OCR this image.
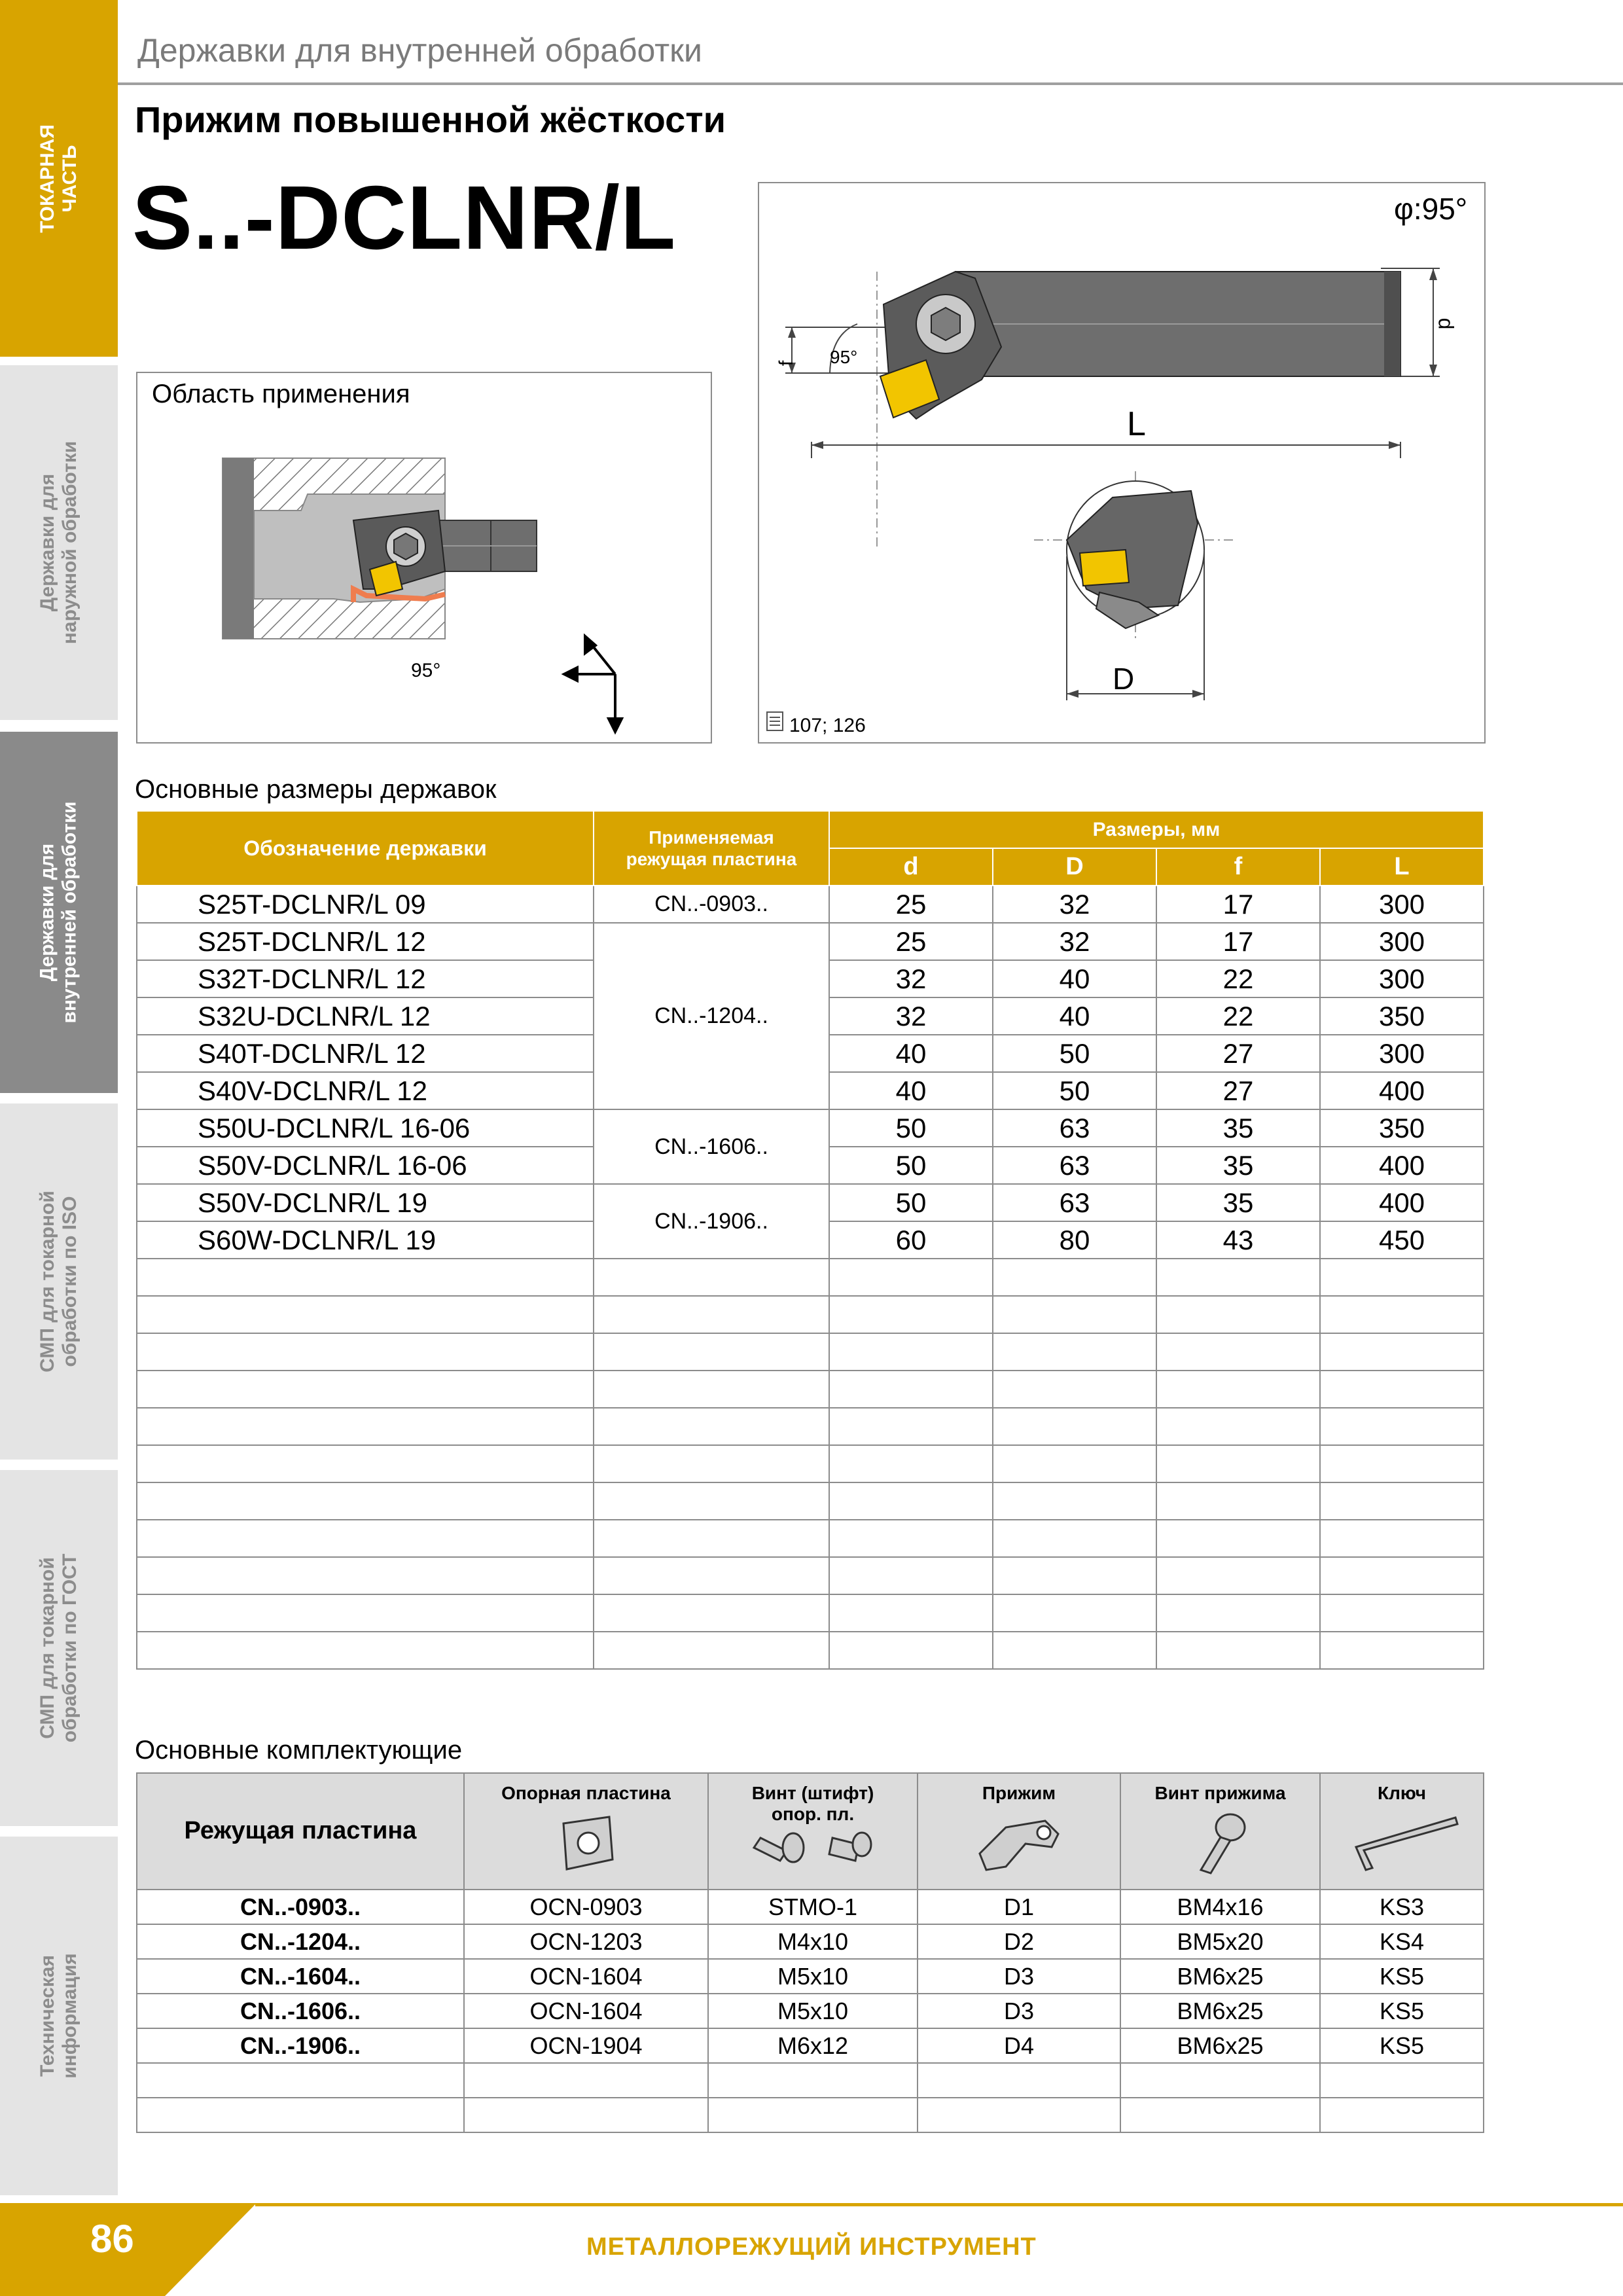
ТОКАРНАЯ
ЧАСТЬ
Державки для
наружной обработки
Державки для
внутренней обработки
СМП для токарной
обработки по ISO
СМП для токарной
обработки по ГОСТ
Техническая
информация
Державки для внутренней обработки
Прижим повышенной жёсткости
S..-DCLNR/L
Область применения
95°
φ:95°
95°
f
d
L
D
107; 126
Основные размеры державок
Обозначение державки	Применяемая режущая пластина	Размеры, мм			
		d	D	f	L
S25T-DCLNR/L 09	CN..-0903..	25	32	17	300
S25T-DCLNR/L 12	CN..-1204..	25	32	17	300
S32T-DCLNR/L 12		32	40	22	300
S32U-DCLNR/L 12		32	40	22	350
S40T-DCLNR/L 12		40	50	27	300
S40V-DCLNR/L 12		40	50	27	400
S50U-DCLNR/L 16-06	CN..-1606..	50	63	35	350
S50V-DCLNR/L 16-06		50	63	35	400
S50V-DCLNR/L 19	CN..-1906..	50	63	35	400
S60W-DCLNR/L 19		60	80	43	450

Основные комплектующие
Режущая пластина	Опорная пластина	Винт (штифт) опор. пл.	Прижим	Винт прижима	Ключ

CN..-0903..	OCN-0903	STMO-1	D1	BM4x16	KS3
CN..-1204..	OCN-1203	M4x10	D2	BM5x20	KS4
CN..-1604..	OCN-1604	M5x10	D3	BM6x25	KS5
CN..-1606..	OCN-1604	M5x10	D3	BM6x25	KS5
CN..-1906..	OCN-1904	M6x12	D4	BM6x25	KS5

86	МЕТАЛЛОРЕЖУЩИЙ ИНСТРУМЕНТ
